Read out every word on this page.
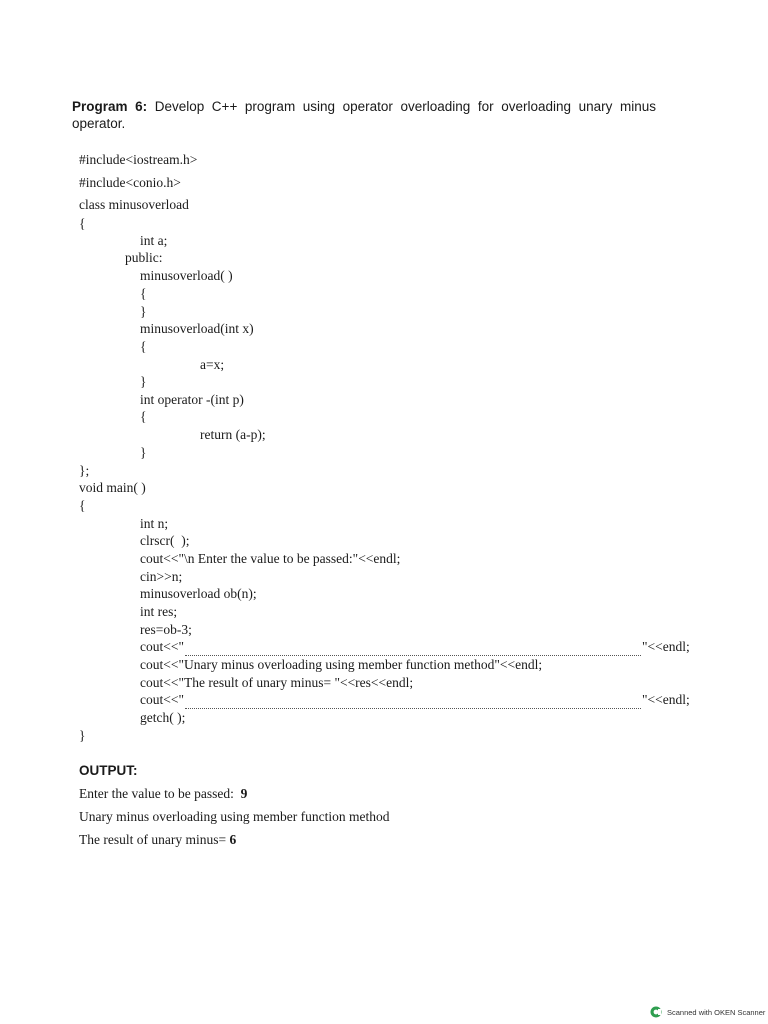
Program 6: Develop C++ program using operator overloading for overloading unary minus operator.
#include<iostream.h>
#include<conio.h>
class minusoverload
{
int a;
public:
minusoverload( )
{
}
minusoverload(int x)
{
a=x;
}
int operator -(int p)
{
return (a-p);
}
};
void main( )
{
int n;
clrscr(  );
cout<<"\n Enter the value to be passed:"<<endl;
cin>>n;
minusoverload ob(n);
int res;
res=ob-3;
cout<<"	"<<endl;
cout<<"Unary minus overloading using member function method"<<endl;
cout<<"The result of unary minus= "<<res<<endl;
cout<<"	"<<endl;
getch( );
}
OUTPUT:
Enter the value to be passed:  9
Unary minus overloading using member function method
The result of unary minus= 6
Scanned with OKEN Scanner
